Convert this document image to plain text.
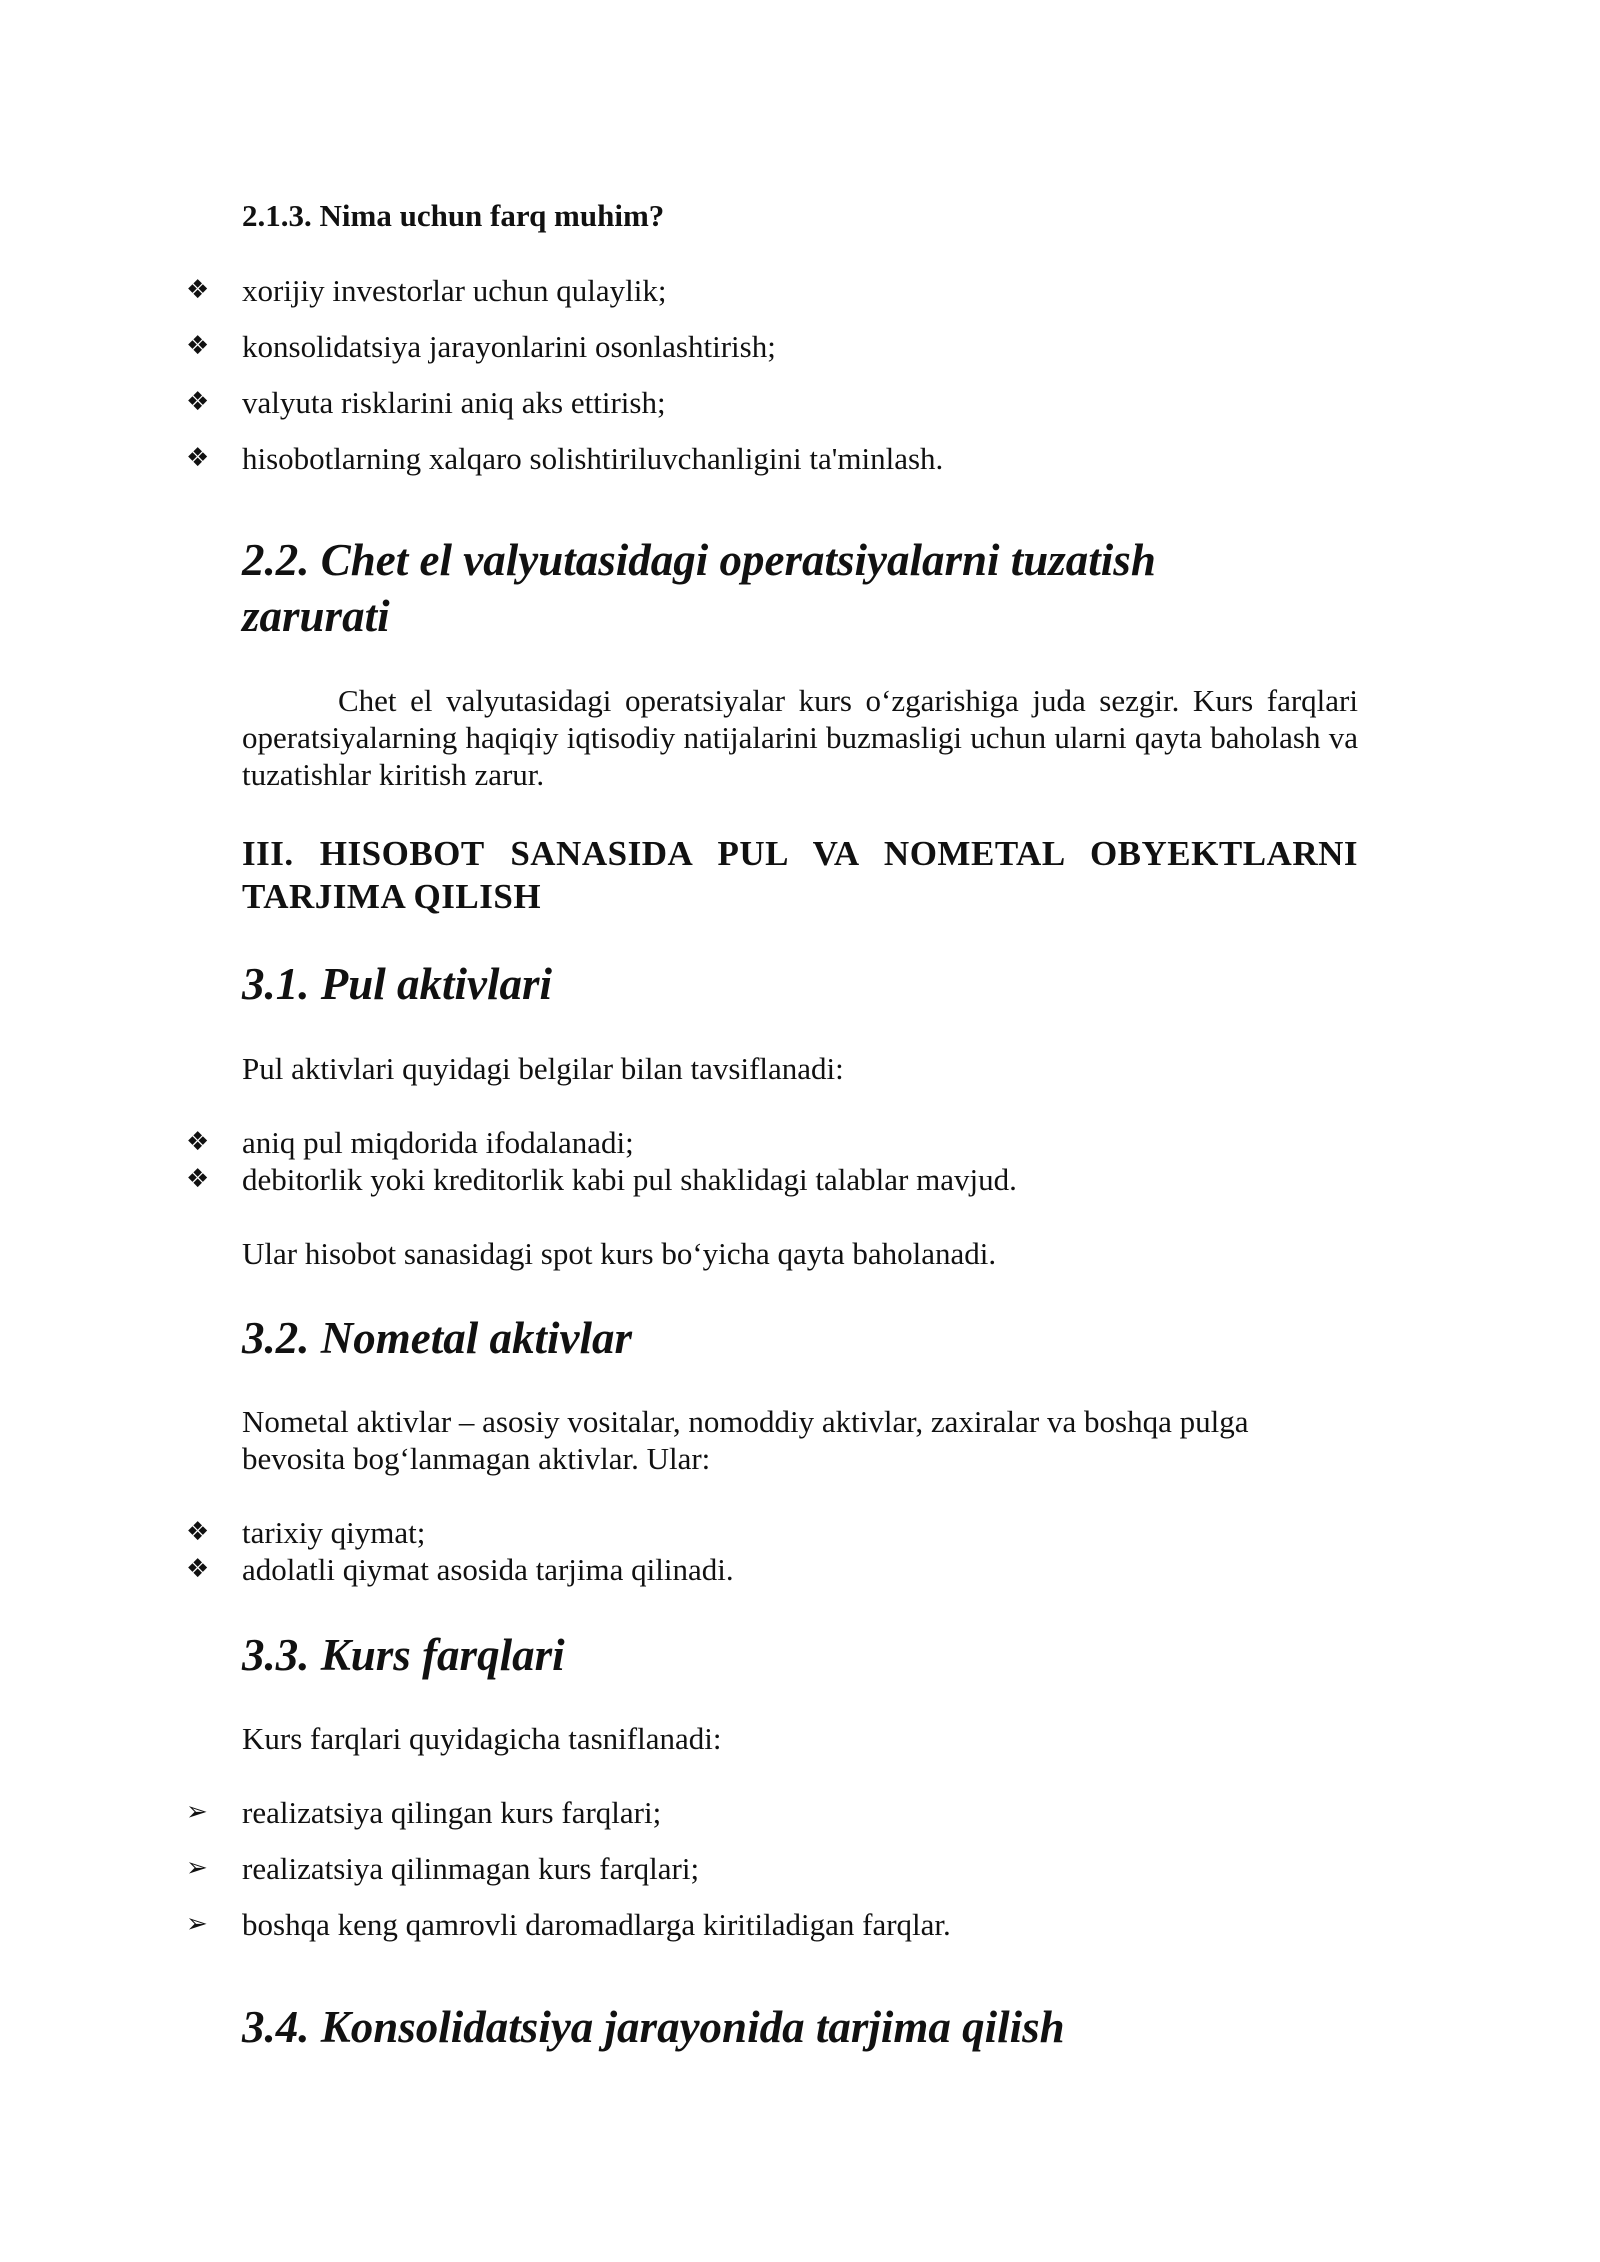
2.1.3. Nima uchun farq muhim?

❖ xorijiy investorlar uchun qulaylik;
❖ konsolidatsiya jarayonlarini osonlashtirish;
❖ valyuta risklarini aniq aks ettirish;
❖ hisobotlarning xalqaro solishtiriluvchanligini ta'minlash.

2.2. Chet el valyutasidagi operatsiyalarni tuzatish

zarurati

Chet el valyutasidagi operatsiyalar kurs o‘zgarishiga juda sezgir. Kurs farqlari operatsiyalarning haqiqiy iqtisodiy natijalarini buzmasligi uchun ularni qayta baholash va tuzatishlar kiritish zarur.

III. HISOBOT SANASIDA PUL VA NOMETAL OBYEKTLARNI TARJIMA QILISH

3.1. Pul aktivlari

Pul aktivlari quyidagi belgilar bilan tavsiflanadi:

❖ aniq pul miqdorida ifodalanadi;
❖ debitorlik yoki kreditorlik kabi pul shaklidagi talablar mavjud.

Ular hisobot sanasidagi spot kurs bo‘yicha qayta baholanadi.

3.2. Nometal aktivlar

Nometal aktivlar – asosiy vositalar, nomoddiy aktivlar, zaxiralar va boshqa pulga bevosita bog‘lanmagan aktivlar. Ular:

❖ tarixiy qiymat;
❖ adolatli qiymat asosida tarjima qilinadi.

3.3. Kurs farqlari

Kurs farqlari quyidagicha tasniflanadi:

➢ realizatsiya qilingan kurs farqlari;
➢ realizatsiya qilinmagan kurs farqlari;
➢ boshqa keng qamrovli daromadlarga kiritiladigan farqlar.

3.4. Konsolidatsiya jarayonida tarjima qilish
